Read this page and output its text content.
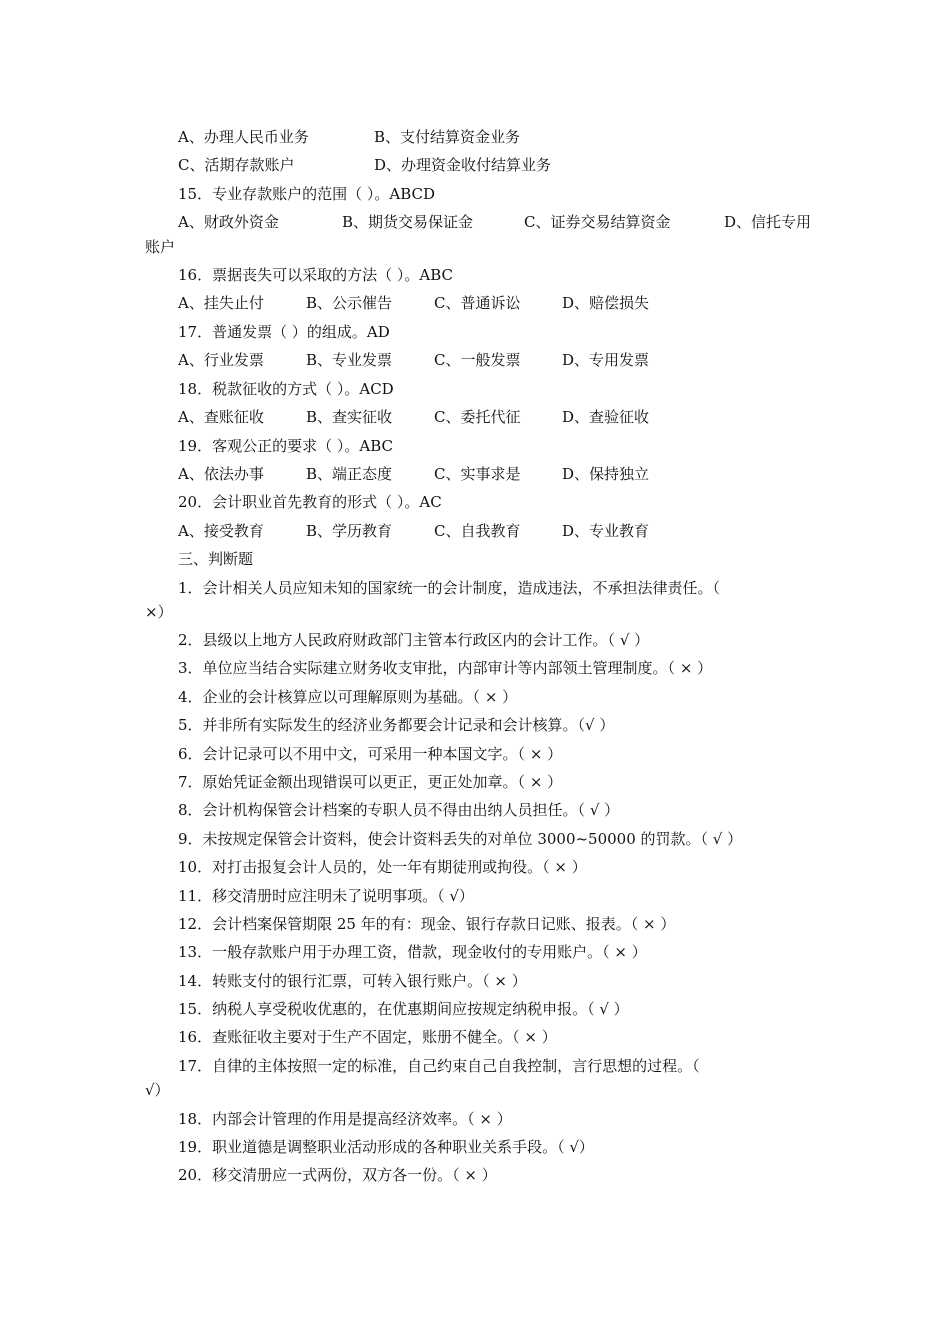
A、办理人民币业务	B、支付结算资金业务
C、活期存款账户	D、办理资金收付结算业务
15．专业存款账户的范围（ ）。ABCD
A、财政外资金	B、期货交易保证金	C、证券交易结算资金	D、信托专用
账户
16．票据丧失可以采取的方法（ ）。ABC
A、挂失止付	B、公示催告	C、普通诉讼	D、赔偿损失
17．普通发票（ ）的组成。AD
A、行业发票	B、专业发票	C、一般发票	D、专用发票
18．税款征收的方式（ ）。ACD
A、查账征收	B、查实征收	C、委托代征	D、查验征收
19．客观公正的要求（ ）。ABC
A、依法办事	B、端正态度	C、实事求是	D、保持独立
20．会计职业首先教育的形式（ ）。AC
A、接受教育	B、学历教育	C、自我教育	D、专业教育
三、判断题
1．会计相关人员应知未知的国家统一的会计制度，造成违法，不承担法律责任。（
×）
2．县级以上地方人民政府财政部门主管本行政区内的会计工作。（ √ ）
3．单位应当结合实际建立财务收支审批，内部审计等内部领土管理制度。（ × ）
4．企业的会计核算应以可理解原则为基础。（ × ）
5．并非所有实际发生的经济业务都要会计记录和会计核算。（√ ）
6．会计记录可以不用中文，可采用一种本国文字。（ × ）
7．原始凭证金额出现错误可以更正，更正处加章。（ × ）
8．会计机构保管会计档案的专职人员不得由出纳人员担任。（ √ ）
9．未按规定保管会计资料，使会计资料丢失的对单位 3000~50000 的罚款。（ √ ）
10．对打击报复会计人员的，处一年有期徒刑或拘役。（ × ）
11．移交清册时应注明未了说明事项。（ √）
12．会计档案保管期限 25 年的有：现金、银行存款日记账、报表。（ × ）
13．一般存款账户用于办理工资，借款，现金收付的专用账户。（ × ）
14．转账支付的银行汇票，可转入银行账户。（ × ）
15．纳税人享受税收优惠的，在优惠期间应按规定纳税申报。（ √ ）
16．查账征收主要对于生产不固定，账册不健全。（ × ）
17．自律的主体按照一定的标准，自己约束自己自我控制，言行思想的过程。（
√）
18．内部会计管理的作用是提高经济效率。（ × ）
19．职业道德是调整职业活动形成的各种职业关系手段。（ √）
20．移交清册应一式两份，双方各一份。（ × ）
